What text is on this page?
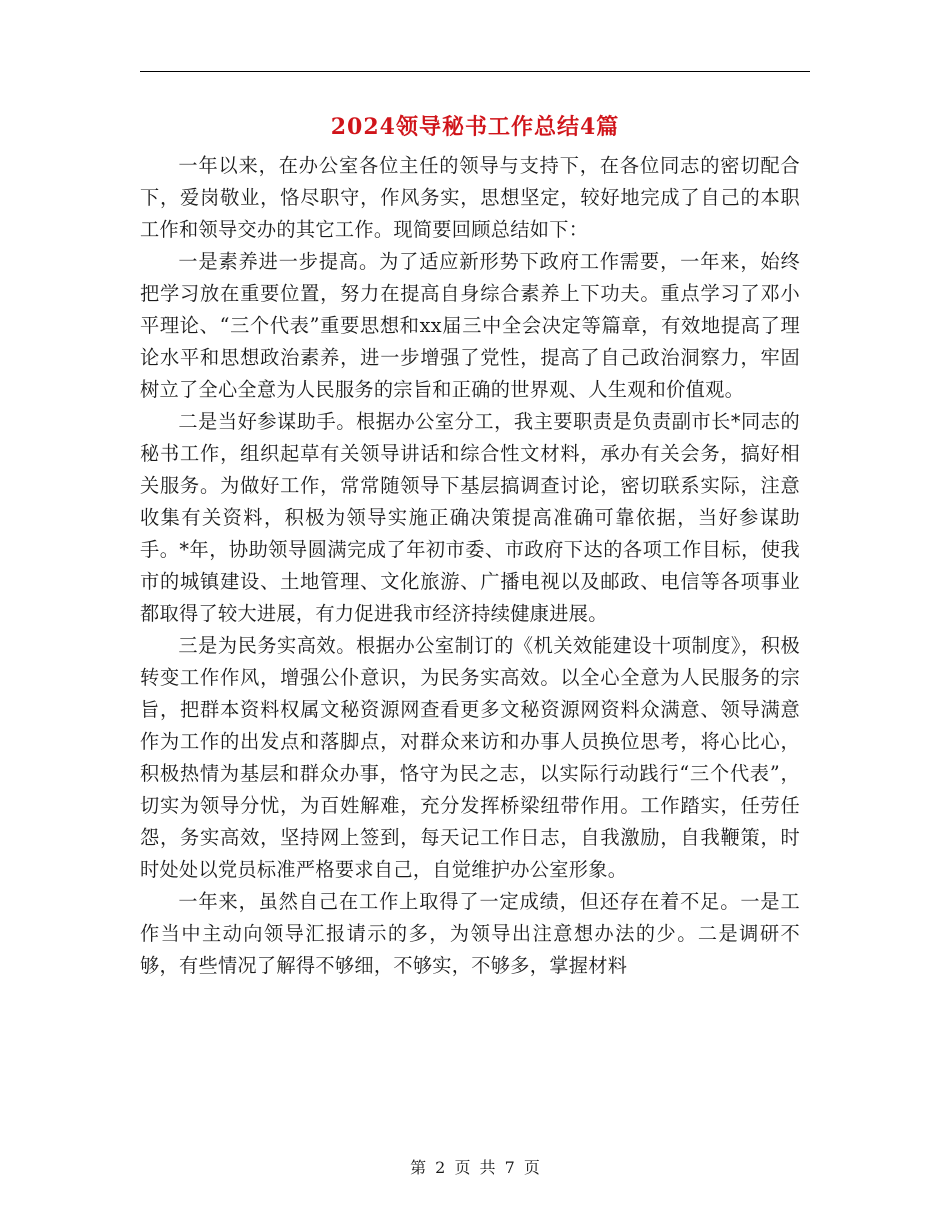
2024领导秘书工作总结4篇

一年以来，在办公室各位主任的领导与支持下，在各位同志的密切配合下，爱岗敬业，恪尽职守，作风务实，思想坚定，较好地完成了自己的本职工作和领导交办的其它工作。现简要回顾总结如下：

一是素养进一步提高。为了适应新形势下政府工作需要，一年来，始终把学习放在重要位置，努力在提高自身综合素养上下功夫。重点学习了邓小平理论、“三个代表”重要思想和xx届三中全会决定等篇章，有效地提高了理论水平和思想政治素养，进一步增强了党性，提高了自己政治洞察力，牢固树立了全心全意为人民服务的宗旨和正确的世界观、人生观和价值观。

二是当好参谋助手。根据办公室分工，我主要职责是负责副市长*同志的秘书工作，组织起草有关领导讲话和综合性文材料，承办有关会务，搞好相关服务。为做好工作，常常随领导下基层搞调查讨论，密切联系实际，注意收集有关资料，积极为领导实施正确决策提高准确可靠依据，当好参谋助手。*年，协助领导圆满完成了年初市委、市政府下达的各项工作目标，使我市的城镇建设、土地管理、文化旅游、广播电视以及邮政、电信等各项事业都取得了较大进展，有力促进我市经济持续健康进展。

三是为民务实高效。根据办公室制订的《机关效能建设十项制度》，积极转变工作作风，增强公仆意识，为民务实高效。以全心全意为人民服务的宗旨，把群本资料权属文秘资源网查看更多文秘资源网资料众满意、领导满意作为工作的出发点和落脚点，对群众来访和办事人员换位思考，将心比心，积极热情为基层和群众办事，恪守为民之志，以实际行动践行“三个代表”，切实为领导分忧，为百姓解难，充分发挥桥梁纽带作用。工作踏实，任劳任怨，务实高效，坚持网上签到，每天记工作日志，自我激励，自我鞭策，时时处处以党员标准严格要求自己，自觉维护办公室形象。

一年来，虽然自己在工作上取得了一定成绩，但还存在着不足。一是工作当中主动向领导汇报请示的多，为领导出注意想办法的少。二是调研不够，有些情况了解得不够细，不够实，不够多，掌握材料

第 2 页 共 7 页
